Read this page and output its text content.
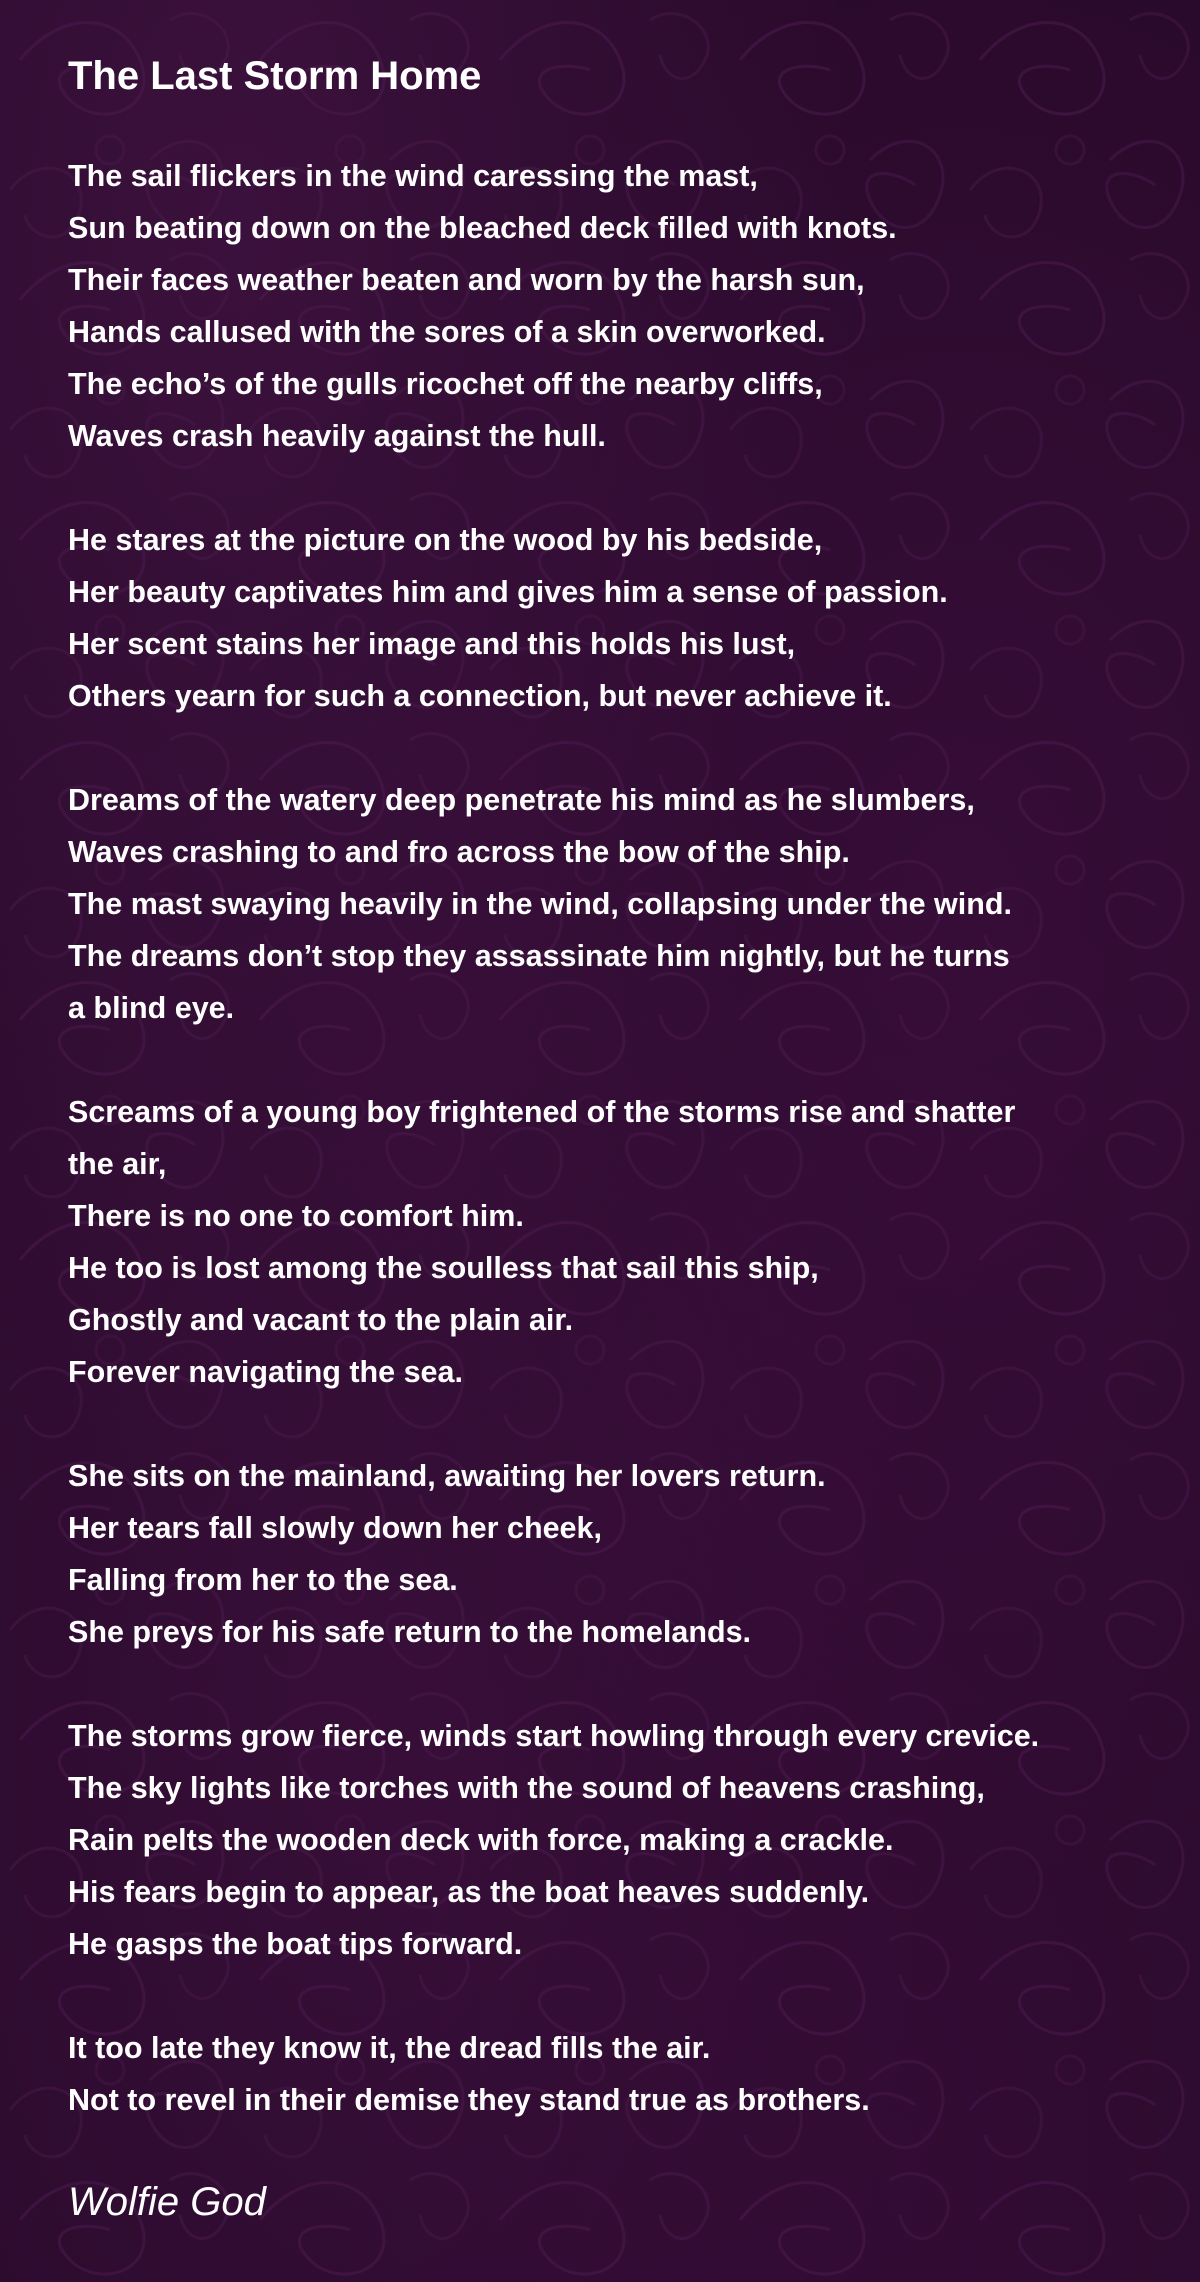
The Last Storm Home
The sail flickers in the wind caressing the mast,
Sun beating down on the bleached deck filled with knots.
Their faces weather beaten and worn by the harsh sun,
Hands callused with the sores of a skin overworked.
The echo’s of the gulls ricochet off the nearby cliffs,
Waves crash heavily against the hull.
He stares at the picture on the wood by his bedside,
Her beauty captivates him and gives him a sense of passion.
Her scent stains her image and this holds his lust,
Others yearn for such a connection, but never achieve it.
Dreams of the watery deep penetrate his mind as he slumbers,
Waves crashing to and fro across the bow of the ship.
The mast swaying heavily in the wind, collapsing under the wind.
The dreams don’t stop they assassinate him nightly, but he turns
a blind eye.
Screams of a young boy frightened of the storms rise and shatter
the air,
There is no one to comfort him.
He too is lost among the soulless that sail this ship,
Ghostly and vacant to the plain air.
Forever navigating the sea.
She sits on the mainland, awaiting her lovers return.
Her tears fall slowly down her cheek,
Falling from her to the sea.
She preys for his safe return to the homelands.
The storms grow fierce, winds start howling through every crevice.
The sky lights like torches with the sound of heavens crashing,
Rain pelts the wooden deck with force, making a crackle.
His fears begin to appear, as the boat heaves suddenly.
He gasps the boat tips forward.
It too late they know it, the dread fills the air.
Not to revel in their demise they stand true as brothers.
Wolfie God
